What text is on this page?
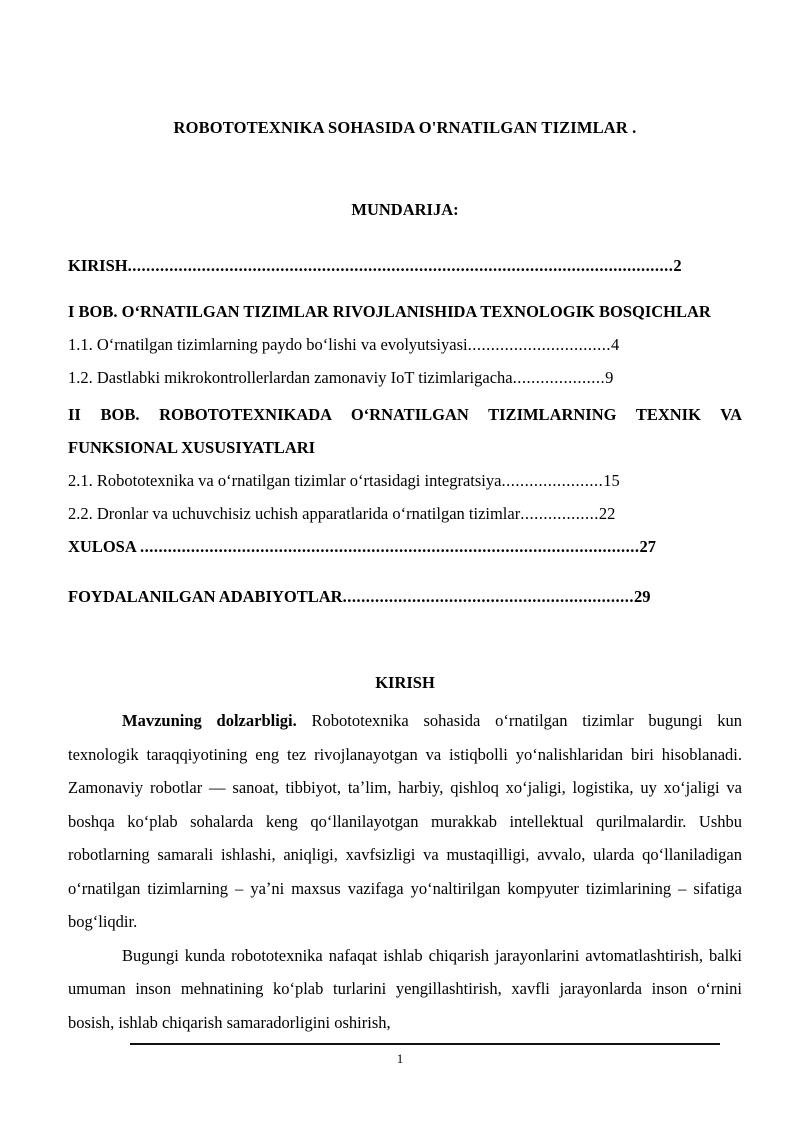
ROBOTOTEXNIKA SOHASIDA O'RNATILGAN TIZIMLAR .
MUNDARIJA:
KIRISH......................................................................................................................2
I BOB. OʻRNATILGAN TIZIMLAR RIVOJLANISHIDA TEXNOLOGIK BOSQICHLAR
1.1. Oʻrnatilgan tizimlarning paydo boʻlishi va evolyutsiyasi...............................4
1.2. Dastlabki mikrokontrollerlardan zamonaviy IoT tizimlarigacha....................9
II BOB. ROBOTOTEXNIKADA OʻRNATILGAN TIZIMLARNING TEXNIK VA FUNKSIONAL XUSUSIYATLARI
2.1. Robototexnika va oʻrnatilgan tizimlar oʻrtasidagi integratsiya......................15
2.2. Dronlar va uchuvchisiz uchish apparatlarida oʻrnatilgan tizimlar.................22
XULOSA ............................................................................................................27
FOYDALANILGAN ADABIYOTLAR...............................................................29
KIRISH

Mavzuning dolzarbligi. Robototexnika sohasida oʻrnatilgan tizimlar bugungi kun texnologik taraqqiyotining eng tez rivojlanayotgan va istiqbolli yoʻnalishlaridan biri hisoblanadi. Zamonaviy robotlar — sanoat, tibbiyot, taʼlim, harbiy, qishloq xoʻjaligi, logistika, uy xoʻjaligi va boshqa koʻplab sohalarda keng qoʻllanilayotgan murakkab intellektual qurilmalardir. Ushbu robotlarning samarali ishlashi, aniqligi, xavfsizligi va mustaqilligi, avvalo, ularda qoʻllaniladigan oʻrnatilgan tizimlarning – yaʼni maxsus vazifaga yoʻnaltirilgan kompyuter tizimlarining – sifatiga bogʻliqdir.

Bugungi kunda robototexnika nafaqat ishlab chiqarish jarayonlarini avtomatlashtirish, balki umuman inson mehnatining koʻplab turlarini yengillashtirish, xavfli jarayonlarda inson oʻrnini bosish, ishlab chiqarish samaradorligini oshirish,

1
